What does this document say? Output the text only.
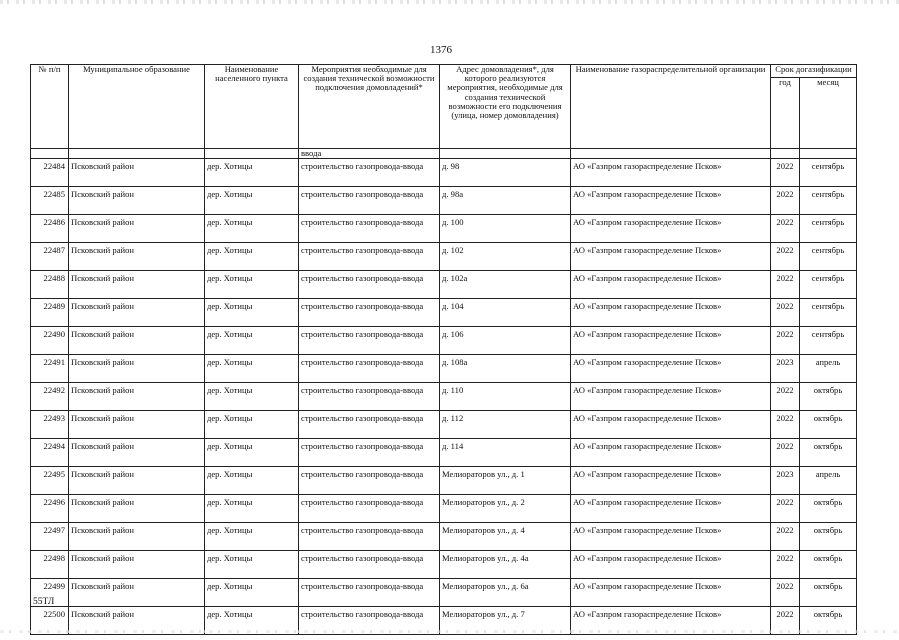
1376
№ п/п	Муниципальное образование	Наименование населенного пункта	Мероприятия необходимые для создания технической возможности подключения домовладений*	Адрес домовладения*, для которого реализуются мероприятия, необходимые для создания технической возможности его подключения (улица, номер домовладения)	Наименование газораспределительной организации	Срок догазификации	
						год	месяц
			ввода				
22484	Псковский район	дер. Хотицы	строительство газопровода-ввода	д. 98	АО «Газпром газораспределение Псков»	2022	сентябрь
22485	Псковский район	дер. Хотицы	строительство газопровода-ввода	д. 98а	АО «Газпром газораспределение Псков»	2022	сентябрь
22486	Псковский район	дер. Хотицы	строительство газопровода-ввода	д. 100	АО «Газпром газораспределение Псков»	2022	сентябрь
22487	Псковский район	дер. Хотицы	строительство газопровода-ввода	д. 102	АО «Газпром газораспределение Псков»	2022	сентябрь
22488	Псковский район	дер. Хотицы	строительство газопровода-ввода	д. 102а	АО «Газпром газораспределение Псков»	2022	сентябрь
22489	Псковский район	дер. Хотицы	строительство газопровода-ввода	д. 104	АО «Газпром газораспределение Псков»	2022	сентябрь
22490	Псковский район	дер. Хотицы	строительство газопровода-ввода	д. 106	АО «Газпром газораспределение Псков»	2022	сентябрь
22491	Псковский район	дер. Хотицы	строительство газопровода-ввода	д. 108а	АО «Газпром газораспределение Псков»	2023	апрель
22492	Псковский район	дер. Хотицы	строительство газопровода-ввода	д. 110	АО «Газпром газораспределение Псков»	2022	октябрь
22493	Псковский район	дер. Хотицы	строительство газопровода-ввода	д. 112	АО «Газпром газораспределение Псков»	2022	октябрь
22494	Псковский район	дер. Хотицы	строительство газопровода-ввода	д. 114	АО «Газпром газораспределение Псков»	2022	октябрь
22495	Псковский район	дер. Хотицы	строительство газопровода-ввода	Мелиораторов ул., д. 1	АО «Газпром газораспределение Псков»	2023	апрель
22496	Псковский район	дер. Хотицы	строительство газопровода-ввода	Мелиораторов ул., д. 2	АО «Газпром газораспределение Псков»	2022	октябрь
22497	Псковский район	дер. Хотицы	строительство газопровода-ввода	Мелиораторов ул., д. 4	АО «Газпром газораспределение Псков»	2022	октябрь
22498	Псковский район	дер. Хотицы	строительство газопровода-ввода	Мелиораторов ул., д. 4а	АО «Газпром газораспределение Псков»	2022	октябрь
22499	Псковский район	дер. Хотицы	строительство газопровода-ввода	Мелиораторов ул., д. 6а	АО «Газпром газораспределение Псков»	2022	октябрь
22500	Псковский район	дер. Хотицы	строительство газопровода-ввода	Мелиораторов ул., д. 7	АО «Газпром газораспределение Псков»	2022	октябрь
55ТЛ
